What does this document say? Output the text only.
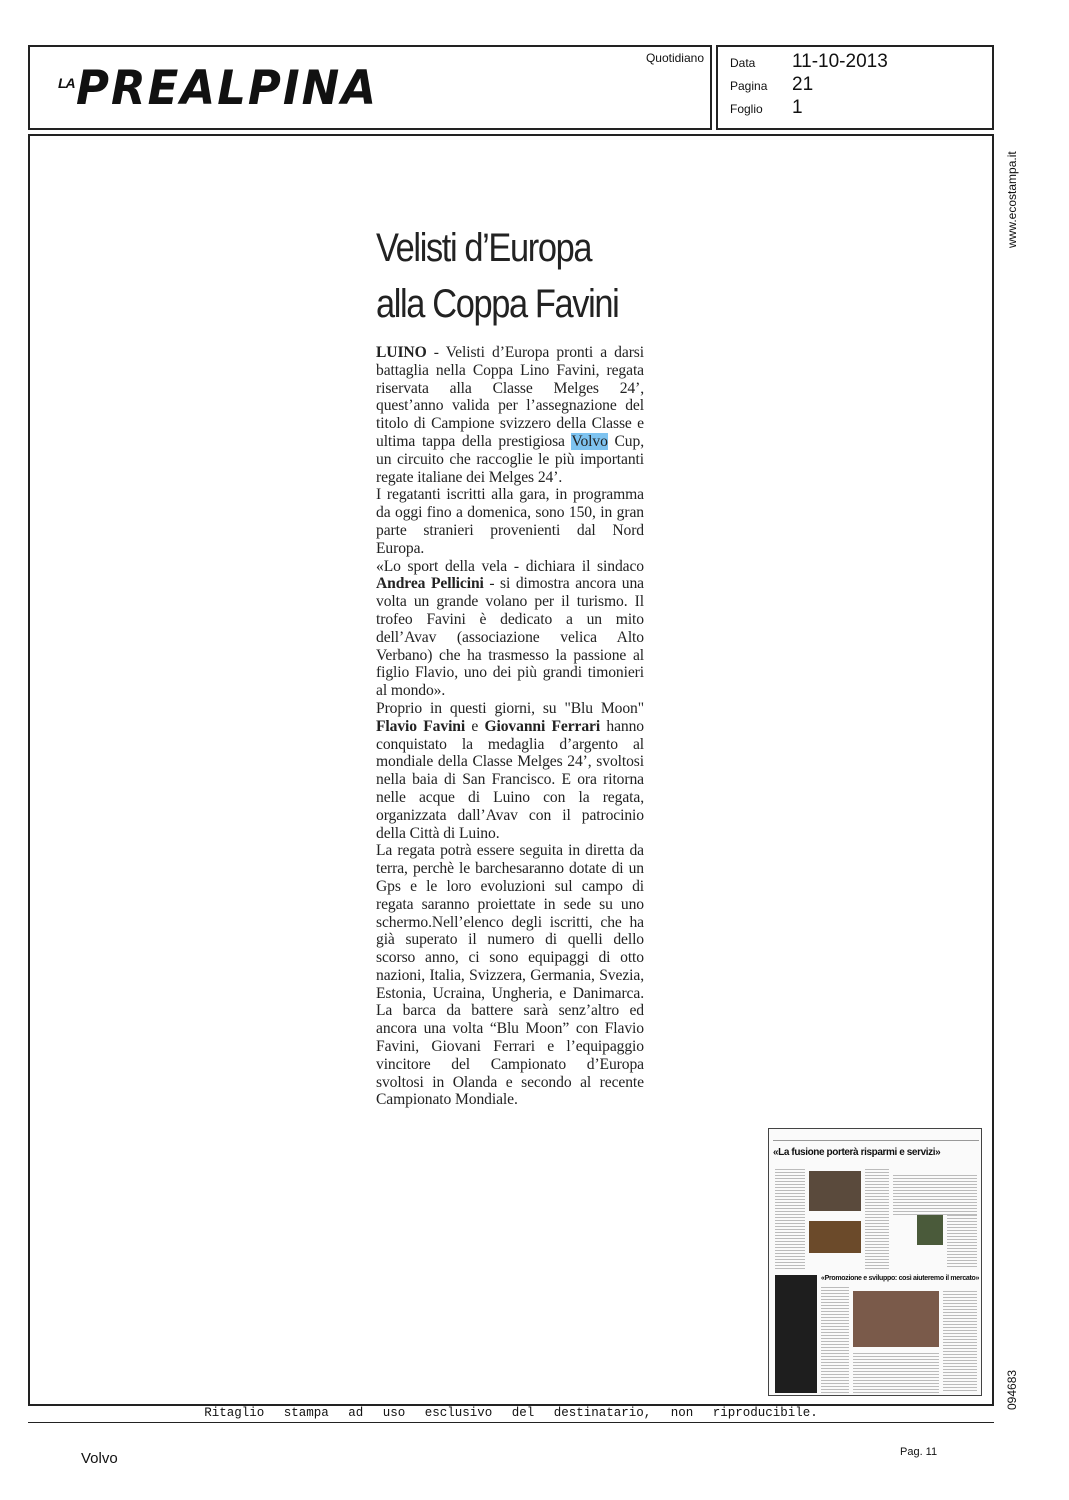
LA PREALPINA
Quotidiano Data	11-10-2013
Pagina	21
Foglio	1
www.ecostampa.it
094683
Velisti d’Europa
alla Coppa Favini

LUINO - Velisti d’Europa pronti a darsi battaglia nella Coppa Lino Favini, regata riservata alla Classe Melges 24’, quest’anno valida per l’assegnazione del titolo di Campione svizzero della Classe e ultima tappa della prestigiosa Volvo Cup, un circuito che raccoglie le più importanti regate italiane dei Melges 24’.

I regatanti iscritti alla gara, in programma da oggi fino a domenica, sono 150, in gran parte stranieri provenienti dal Nord Europa.

«Lo sport della vela - dichiara il sindaco Andrea Pellicini - si dimostra ancora una volta un grande volano per il turismo. Il trofeo Favini è dedicato a un mito dell’Avav (associazione velica Alto Verbano) che ha trasmesso la passione al figlio Flavio, uno dei più grandi timonieri al mondo».

Proprio in questi giorni, su "Blu Moon" Flavio Favini e Giovanni Ferrari hanno conquistato la medaglia d’argento al mondiale della Classe Melges 24’, svoltosi nella baia di San Francisco. E ora ritorna nelle acque di Luino con la regata, organizzata dall’Avav con il patrocinio della Città di Luino.

La regata potrà essere seguita in diretta da terra, perchè le barchesaranno dotate di un Gps e le loro evoluzioni sul campo di regata saranno proiettate in sede su uno schermo.Nell’elenco degli iscritti, che ha già superato il numero di quelli dello scorso anno, ci sono equipaggi di otto nazioni, Italia, Svizzera, Germania, Svezia, Estonia, Ucraina, Ungheria, e Danimarca. La barca da battere sarà senz’altro ed ancora una volta “Blu Moon” con Flavio Favini, Giovani Ferrari e l’equipaggio vincitore del Campionato d’Europa svoltosi in Olanda e secondo al recente Campionato Mondiale.

«La fusione porterà risparmi e servizi»
«Promozione e sviluppo: così aiuteremo il mercato»
Ritaglio stampa ad uso esclusivo del destinatario, non riproducibile.
Volvo	Pag. 11
